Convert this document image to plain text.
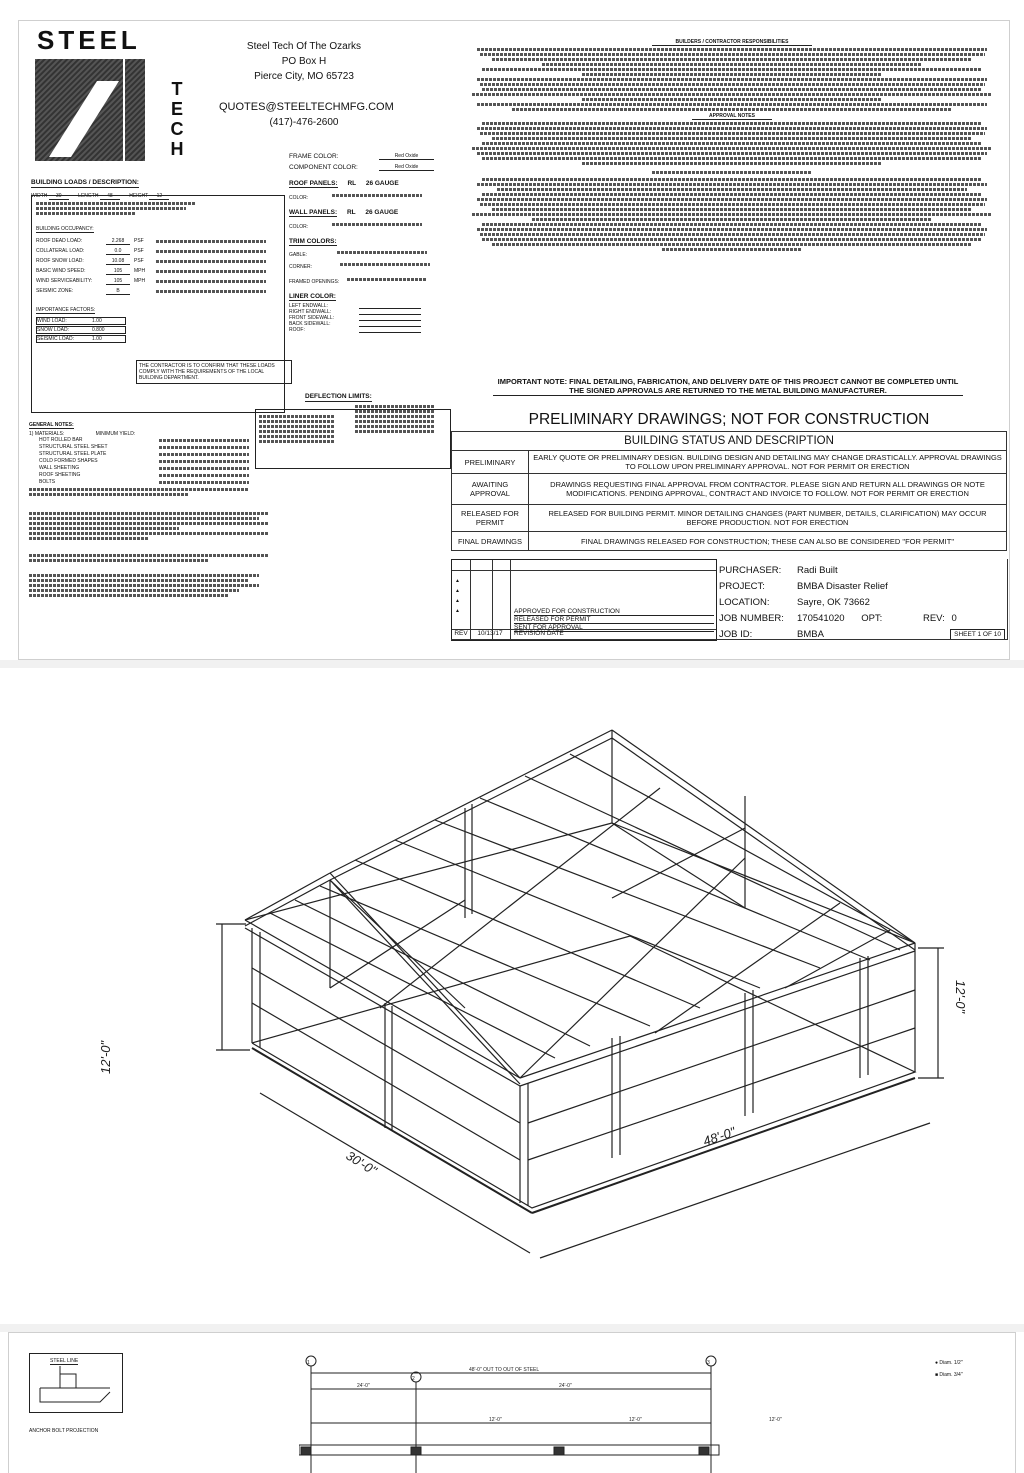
STEEL
TECH
Steel Tech Of The Ozarks
PO Box H
Pierce City, MO 65723
QUOTES@STEELTECHMFG.COM
(417)-476-2600
FRAME COLOR:	Red Oxide
COMPONENT COLOR:	Red Oxide
ROOF PANELS: RL 26 GAUGE
COLOR:
WALL PANELS: RL 26 GAUGE
COLOR:
TRIM COLORS:
GABLE:
CORNER:
FRAMED OPENINGS:
LINER COLOR:
LEFT ENDWALL:
RIGHT ENDWALL:
FRONT SIDEWALL:
BACK SIDEWALL:
ROOF:
BUILDING LOADS / DESCRIPTION:
WIDTH 30	LENGTH 48	HEIGHT 12
BUILDING OCCUPANCY:
ROOF DEAD LOAD:	2.268	PSF
COLLATERAL LOAD:	0.0	PSF
ROOF SNOW LOAD:	10.08	PSF
BASIC WIND SPEED:	105	MPH
WIND SERVICEABILITY:	105	MPH
SEISMIC ZONE:	B
IMPORTANCE FACTORS:
WIND LOAD:	1.00
SNOW LOAD:	0.800
SEISMIC LOAD:	1.00
THE CONTRACTOR IS TO CONFIRM THAT THESE LOADS COMPLY WITH THE REQUIREMENTS OF THE LOCAL BUILDING DEPARTMENT.
DEFLECTION LIMITS:
GENERAL NOTES:
1) MATERIALS:	MINIMUM YIELD:
HOT ROLLED BAR
STRUCTURAL STEEL SHEET
STRUCTURAL STEEL PLATE
COLD FORMED SHAPES
WALL SHEETING
ROOF SHEETING
BOLTS
BUILDERS / CONTRACTOR RESPONSIBILITIES
APPROVAL NOTES
IMPORTANT NOTE: FINAL DETAILING, FABRICATION, AND DELIVERY DATE OF THIS PROJECT CANNOT BE COMPLETED UNTIL THE SIGNED APPROVALS ARE RETURNED TO THE METAL BUILDING MANUFACTURER.
PRELIMINARY DRAWINGS; NOT FOR CONSTRUCTION
BUILDING STATUS AND DESCRIPTION	
PRELIMINARY	EARLY QUOTE OR PRELIMINARY DESIGN. BUILDING DESIGN AND DETAILING MAY CHANGE DRASTICALLY. APPROVAL DRAWINGS TO FOLLOW UPON PRELIMINARY APPROVAL. NOT FOR PERMIT OR ERECTION
AWAITING APPROVAL	DRAWINGS REQUESTING FINAL APPROVAL FROM CONTRACTOR. PLEASE SIGN AND RETURN ALL DRAWINGS OR NOTE MODIFICATIONS. PENDING APPROVAL, CONTRACT AND INVOICE TO FOLLOW. NOT FOR PERMIT OR ERECTION
RELEASED FOR PERMIT	RELEASED FOR BUILDING PERMIT. MINOR DETAILING CHANGES (PART NUMBER, DETAILS, CLARIFICATION) MAY OCCUR BEFORE PRODUCTION. NOT FOR ERECTION
FINAL DRAWINGS	FINAL DRAWINGS RELEASED FOR CONSTRUCTION; THESE CAN ALSO BE CONSIDERED "FOR PERMIT"
▲
▲
▲
▲	APPROVED FOR CONSTRUCTION
RELEASED FOR PERMIT
SENT FOR APPROVAL
REV	10/13/17	REVISION DATE
PURCHASER: Radi Built
PROJECT:	BMBA Disaster Relief
LOCATION:	Sayre, OK 73662
JOB NUMBER: 170541020 OPT:	REV: 0
JOB ID:	BMBA	SHEET 1 OF 10
12'-0"
12'-0"
30'-0"
48'-0"
STEEL LINE
ANCHOR BOLT PROJECTION
1
2
3
48'-0" OUT TO OUT OF STEEL
24'-0"	24'-0"
12'-0"	12'-0"	12'-0"
● Diam. 1/2"
■ Diam. 3/4"
